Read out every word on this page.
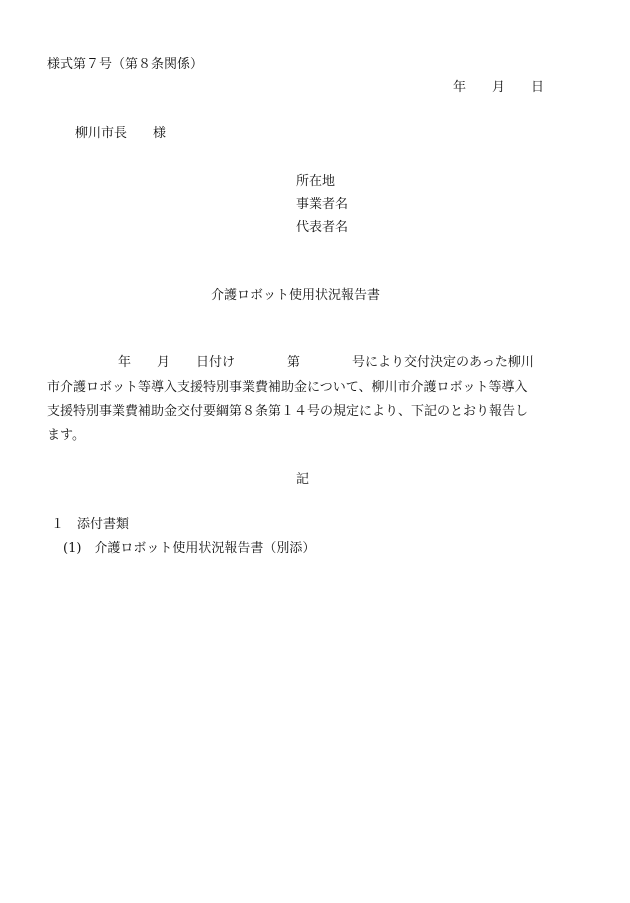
様式第７号（第８条関係）
年　　月　　日
柳川市長　　様
所在地
事業者名
代表者名
介護ロボット使用状況報告書
年　　月　　日付け　　　　第　　　　号により交付決定のあった柳川
市介護ロボット等導入支援特別事業費補助金について、柳川市介護ロボット等導入
支援特別事業費補助金交付要綱第８条第１４号の規定により、下記のとおり報告し
ます。
記
１　添付書類
(1)　介護ロボット使用状況報告書（別添）
